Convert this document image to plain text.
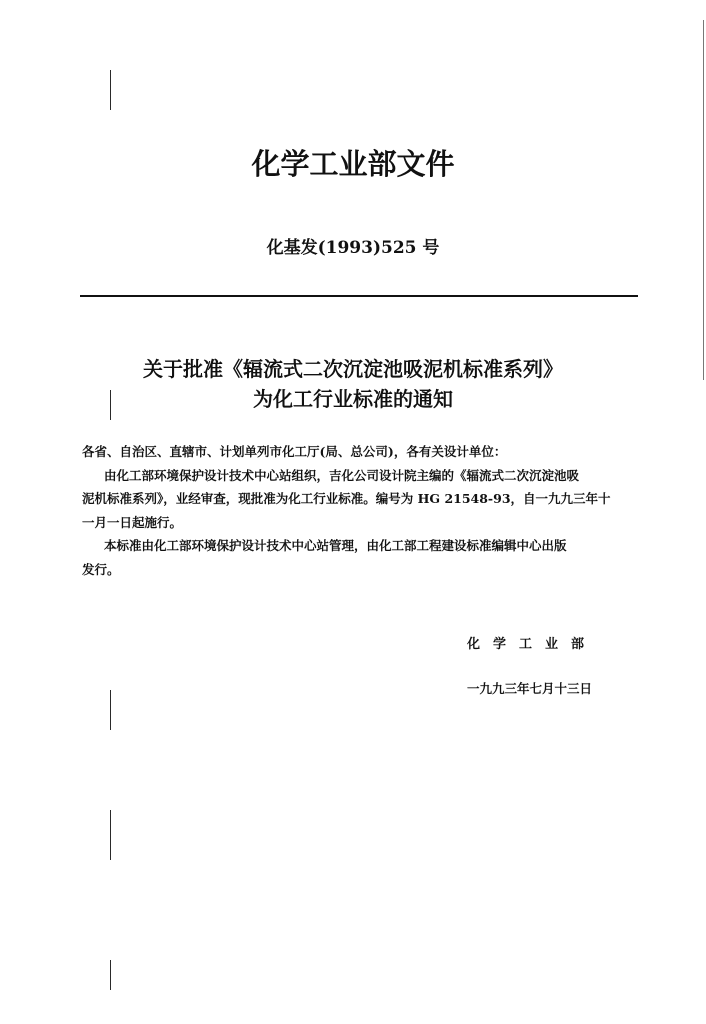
化学工业部文件
化基发(1993)525 号
关于批准《辐流式二次沉淀池吸泥机标准系列》
为化工行业标准的通知

各省、自治区、直辖市、计划单列市化工厅(局、总公司)，各有关设计单位：

由化工部环境保护设计技术中心站组织，吉化公司设计院主编的《辐流式二次沉淀池吸

泥机标准系列》，业经审查，现批准为化工行业标准。编号为 HG 21548-93，自一九九三年十

一月一日起施行。

本标准由化工部环境保护设计技术中心站管理，由化工部工程建设标准编辑中心出版

发行。

化学工业部
一九九三年七月十三日
